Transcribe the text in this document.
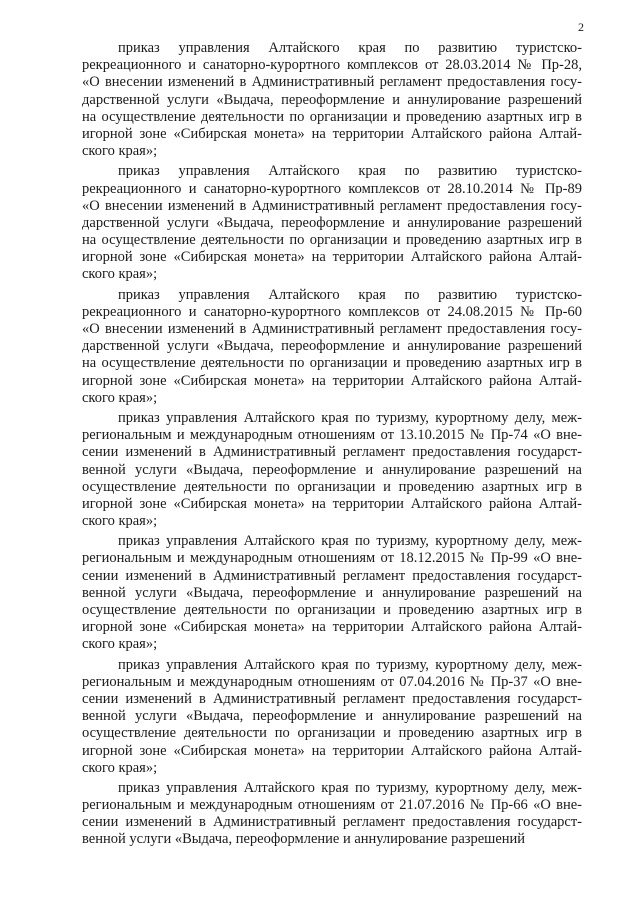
2
приказ управления Алтайского края по развитию туристско-
рекреационного и санаторно-курортного комплексов от 28.03.2014 № Пр-28,
«О внесении изменений в Административный регламент предоставления госу-
дарственной услуги «Выдача, переоформление и аннулирование разрешений
на осуществление деятельности по организации и проведению азартных игр в
игорной зоне «Сибирская монета» на территории Алтайского района Алтай-
ского края»;
приказ управления Алтайского края по развитию туристско-
рекреационного и санаторно-курортного комплексов от 28.10.2014 № Пр-89
«О внесении изменений в Административный регламент предоставления госу-
дарственной услуги «Выдача, переоформление и аннулирование разрешений
на осуществление деятельности по организации и проведению азартных игр в
игорной зоне «Сибирская монета» на территории Алтайского района Алтай-
ского края»;
приказ управления Алтайского края по развитию туристско-
рекреационного и санаторно-курортного комплексов от 24.08.2015 № Пр-60
«О внесении изменений в Административный регламент предоставления госу-
дарственной услуги «Выдача, переоформление и аннулирование разрешений
на осуществление деятельности по организации и проведению азартных игр в
игорной зоне «Сибирская монета» на территории Алтайского района Алтай-
ского края»;
приказ управления Алтайского края по туризму, курортному делу, меж-
региональным и международным отношениям от 13.10.2015 № Пр-74 «О вне-
сении изменений в Административный регламент предоставления государст-
венной услуги «Выдача, переоформление и аннулирование разрешений на
осуществление деятельности по организации и проведению азартных игр в
игорной зоне «Сибирская монета» на территории Алтайского района Алтай-
ского края»;
приказ управления Алтайского края по туризму, курортному делу, меж-
региональным и международным отношениям от 18.12.2015 № Пр-99 «О вне-
сении изменений в Административный регламент предоставления государст-
венной услуги «Выдача, переоформление и аннулирование разрешений на
осуществление деятельности по организации и проведению азартных игр в
игорной зоне «Сибирская монета» на территории Алтайского района Алтай-
ского края»;
приказ управления Алтайского края по туризму, курортному делу, меж-
региональным и международным отношениям от 07.04.2016 № Пр-37 «О вне-
сении изменений в Административный регламент предоставления государст-
венной услуги «Выдача, переоформление и аннулирование разрешений на
осуществление деятельности по организации и проведению азартных игр в
игорной зоне «Сибирская монета» на территории Алтайского района Алтай-
ского края»;
приказ управления Алтайского края по туризму, курортному делу, меж-
региональным и международным отношениям от 21.07.2016 № Пр-66 «О вне-
сении изменений в Административный регламент предоставления государст-
венной услуги «Выдача, переоформление и аннулирование разрешений
